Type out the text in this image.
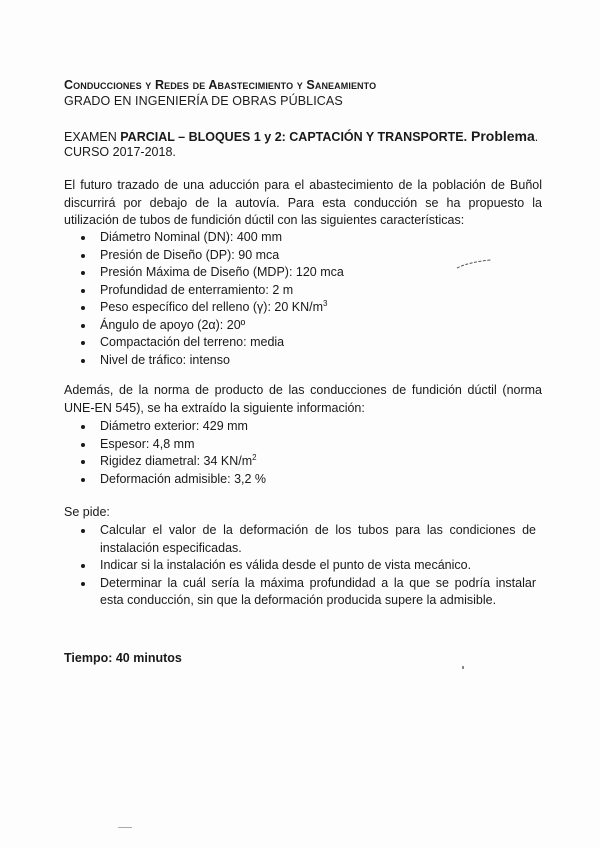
Conducciones y Redes de Abastecimiento y Saneamiento
GRADO EN INGENIERÍA DE OBRAS PÚBLICAS
EXAMEN PARCIAL – BLOQUES 1 y 2: CAPTACIÓN Y TRANSPORTE. Problema.
CURSO 2017-2018.
El futuro trazado de una aducción para el abastecimiento de la población de Buñol discurrirá por debajo de la autovía. Para esta conducción se ha propuesto la utilización de tubos de fundición dúctil con las siguientes características:
Diámetro Nominal (DN): 400 mm
Presión de Diseño (DP): 90 mca
Presión Máxima de Diseño (MDP): 120 mca
Profundidad de enterramiento: 2 m
Peso específico del relleno (γ): 20 $KN/m^3$
Ángulo de apoyo (2α): 20º
Compactación del terreno: media
Nivel de tráfico: intenso
Además, de la norma de producto de las conducciones de fundición dúctil (norma UNE-EN 545), se ha extraído la siguiente información:
Diámetro exterior: 429 mm
Espesor: 4,8 mm
Rigidez diametral: 34 $KN/m^2$
Deformación admisible: 3,2 %
Se pide:
Calcular el valor de la deformación de los tubos para las condiciones de instalación especificadas.
Indicar si la instalación es válida desde el punto de vista mecánico.
Determinar la cuál sería la máxima profundidad a la que se podría instalar esta conducción, sin que la deformación producida supere la admisible.
Tiempo: 40 minutos
